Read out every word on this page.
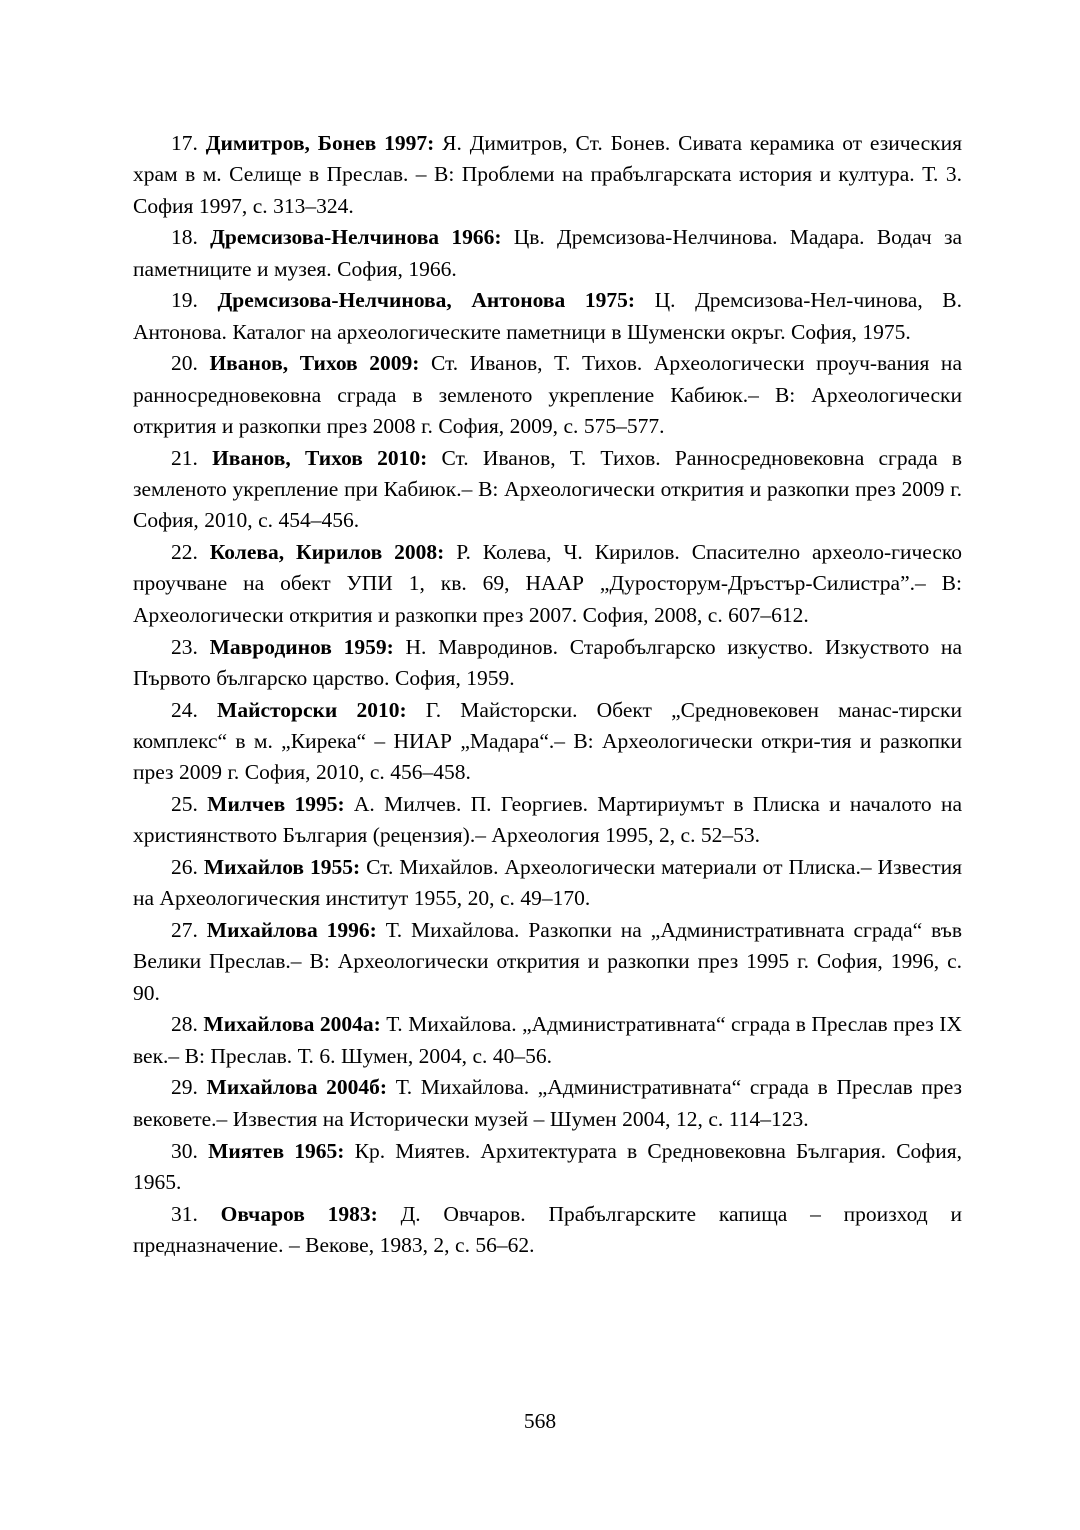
17. Димитров, Бонев 1997: Я. Димитров, Ст. Бонев. Сивата керамика от езическия храм в м. Селище в Преслав. – В: Проблеми на прабългарската история и култура. Т. 3. София 1997, с. 313–324.

18. Дремсизова-Нелчинова 1966: Цв. Дремсизова-Нелчинова. Мадара. Водач за паметниците и музея. София, 1966.

19. Дремсизова-Нелчинова, Антонова 1975: Ц. Дремсизова-Нел-чинова, В. Антонова. Каталог на археологическите паметници в Шуменски окръг. София, 1975.

20. Иванов, Тихов 2009: Ст. Иванов, Т. Тихов. Археологически проуч-вания на ранносредновековна сграда в земленото укрепление Кабиюк.– В: Археологически открития и разкопки през 2008 г. София, 2009, с. 575–577.

21. Иванов, Тихов 2010: Ст. Иванов, Т. Тихов. Ранносредновековна сграда в земленото укрепление при Кабиюк.– В: Археологически открития и разкопки през 2009 г. София, 2010, с. 454–456.

22. Колева, Кирилов 2008: Р. Колева, Ч. Кирилов. Спасително археоло-гическо проучване на обект УПИ 1, кв. 69, НААР „Дуросторум-Дръстър-Силистра”.– В: Археологически открития и разкопки през 2007. София, 2008, с. 607–612.

23. Мавродинов 1959: Н. Мавродинов. Старобългарско изкуство. Изкуството на Първото българско царство. София, 1959.

24. Майсторски 2010: Г. Майсторски. Обект „Средновековен манас-тирски комплекс“ в м. „Кирека“ – НИАР „Мадара“.– В: Археологически откри-тия и разкопки през 2009 г. София, 2010, с. 456–458.

25. Милчев 1995: А. Милчев. П. Георгиев. Мартириумът в Плиска и началото на християнството България (рецензия).– Археология 1995, 2, с. 52–53.

26. Михайлов 1955: Ст. Михайлов. Археологически материали от Плиска.– Известия на Археологическия институт 1955, 20, с. 49–170.

27. Михайлова 1996: Т. Михайлова. Разкопки на „Административната сграда“ във Велики Преслав.– В: Археологически открития и разкопки през 1995 г. София, 1996, с. 90.

28. Михайлова 2004а: Т. Михайлова. „Административната“ сграда в Преслав през IX век.– В: Преслав. Т. 6. Шумен, 2004, с. 40–56.

29. Михайлова 2004б: Т. Михайлова. „Административната“ сграда в Преслав през вековете.– Известия на Исторически музей – Шумен 2004, 12, с. 114–123.

30. Миятев 1965: Кр. Миятев. Архитектурата в Средновековна България. София, 1965.

31. Овчаров 1983: Д. Овчаров. Прабългарските капища – произход и предназначение. – Векове, 1983, 2, с. 56–62.

568
